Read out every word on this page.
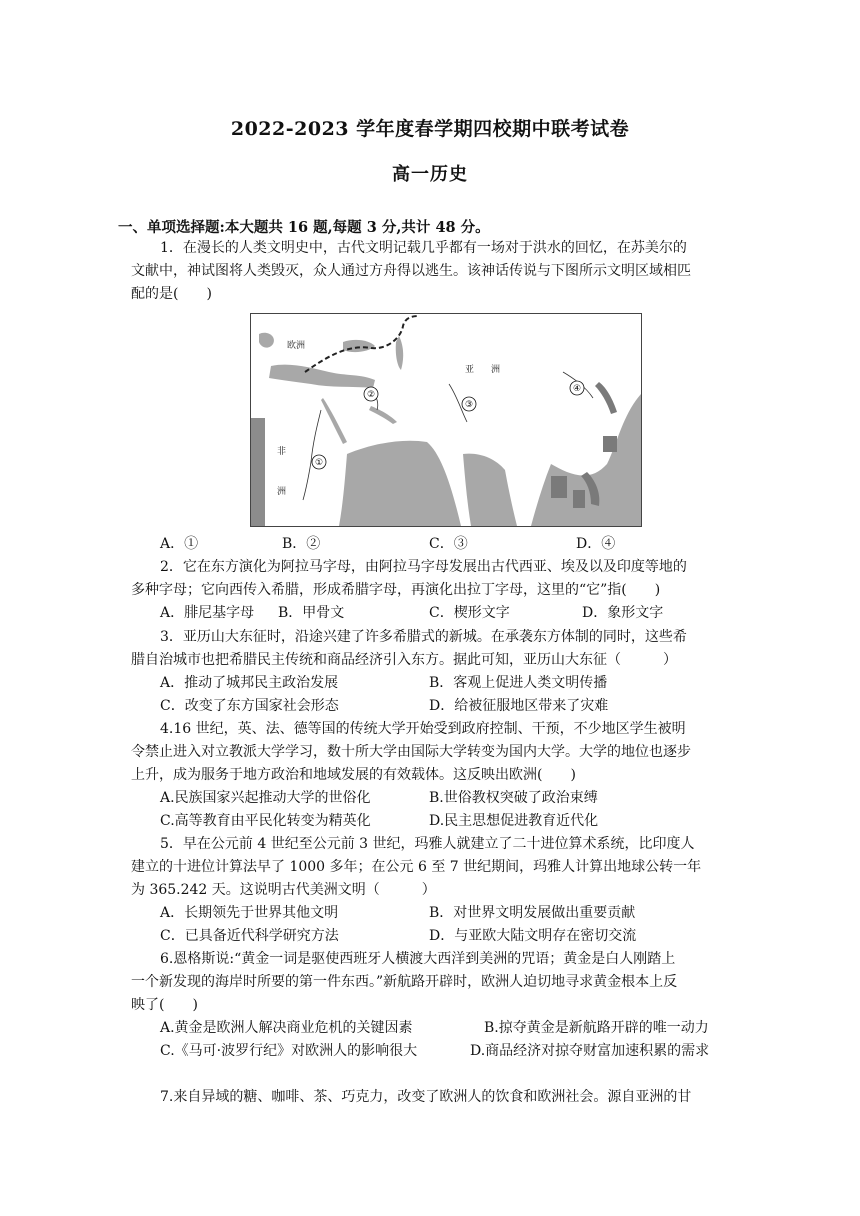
2022-2023 学年度春学期四校期中联考试卷
高一历史
一、单项选择题:本大题共 16 题,每题 3 分,共计 48 分。
1．在漫长的人类文明史中，古代文明记载几乎都有一场对于洪水的回忆，在苏美尔的
文献中，神试图将人类毁灭，众人通过方舟得以逃生。该神话传说与下图所示文明区域相匹
配的是(　　)
欧洲
亚 洲
非
洲
①
②
③
④
A．①	B．②	C．③	D．④
2．它在东方演化为阿拉马字母，由阿拉马字母发展出古代西亚、埃及以及印度等地的
多种字母；它向西传入希腊，形成希腊字母，再演化出拉丁字母，这里的“它”指(　　)
A．腓尼基字母 B．甲骨文	C．楔形文字	D．象形文字
3．亚历山大东征时，沿途兴建了许多希腊式的新城。在承袭东方体制的同时，这些希
腊自治城市也把希腊民主传统和商品经济引入东方。据此可知，亚历山大东征（　　　）
A．推动了城邦民主政治发展	B．客观上促进人类文明传播
C．改变了东方国家社会形态	D．给被征服地区带来了灾难
4.16 世纪，英、法、德等国的传统大学开始受到政府控制、干预，不少地区学生被明
令禁止进入对立教派大学学习，数十所大学由国际大学转变为国内大学。大学的地位也逐步
上升，成为服务于地方政治和地域发展的有效载体。这反映出欧洲(　　)
A.民族国家兴起推动大学的世俗化	B.世俗教权突破了政治束缚
C.高等教育由平民化转变为精英化	D.民主思想促进教育近代化
5．早在公元前 4 世纪至公元前 3 世纪，玛雅人就建立了二十进位算术系统，比印度人
建立的十进位计算法早了 1000 多年；在公元 6 至 7 世纪期间，玛雅人计算出地球公转一年
为 365.242 天。这说明古代美洲文明（　　　）
A．长期领先于世界其他文明	B．对世界文明发展做出重要贡献
C．已具备近代科学研究方法	D．与亚欧大陆文明存在密切交流
6.恩格斯说:“黄金一词是驱使西班牙人横渡大西洋到美洲的咒语；黄金是白人刚踏上
一个新发现的海岸时所要的第一件东西。”新航路开辟时，欧洲人迫切地寻求黄金根本上反
映了(　　)
A.黄金是欧洲人解决商业危机的关键因素	B.掠夺黄金是新航路开辟的唯一动力
C.《马可·波罗行纪》对欧洲人的影响很大	D.商品经济对掠夺财富加速积累的需求
7.来自异域的糖、咖啡、茶、巧克力，改变了欧洲人的饮食和欧洲社会。源自亚洲的甘
